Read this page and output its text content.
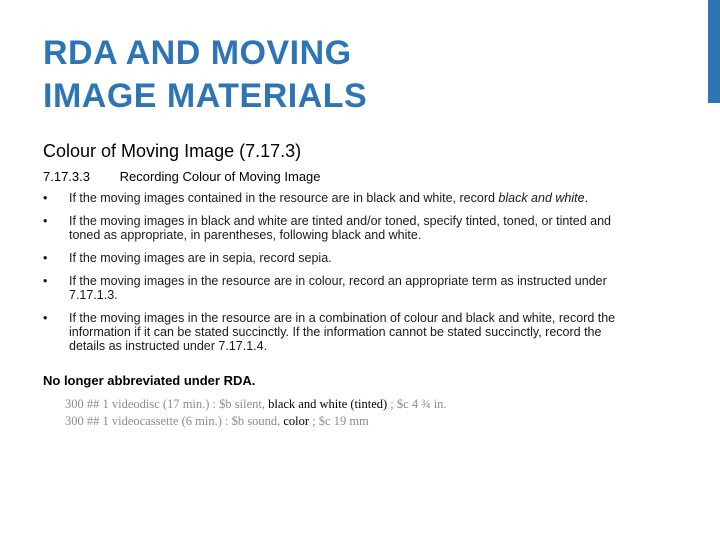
RDA AND MOVING
IMAGE MATERIALS
Colour of Moving Image (7.17.3)
7.17.3.3 Recording Colour of Moving Image
• If the moving images contained in the resource are in black and white, record black and white.
• If the moving images in black and white are tinted and/or toned, specify tinted, toned, or tinted and toned as appropriate, in parentheses, following black and white.
• If the moving images are in sepia, record sepia.
• If the moving images in the resource are in colour, record an appropriate term as instructed under 7.17.1.3.
• If the moving images in the resource are in a combination of colour and black and white, record the information if it can be stated succinctly. If the information cannot be stated succinctly, record the details as instructed under 7.17.1.4.
No longer abbreviated under RDA.
300 ## 1 videodisc (17 min.) : $b silent, black and white (tinted) ; $c 4 ¾ in.
300 ## 1 videocassette (6 min.) : $b sound, color ; $c 19 mm
